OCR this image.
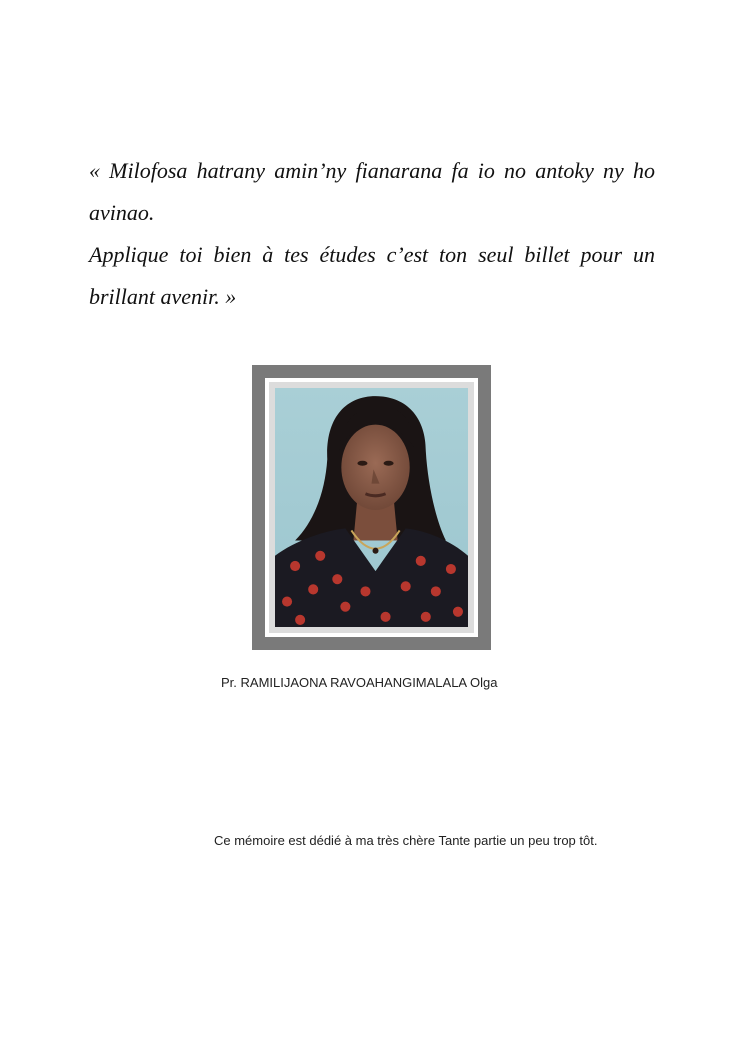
« Milofosa hatrany amin’ny fianarana fa io no antoky ny ho avinao.

Applique toi bien à tes études c’est ton seul billet pour un brillant avenir. »

Pr. RAMILIJAONA RAVOAHANGIMALALA Olga
Ce mémoire est dédié à ma très chère Tante partie un peu trop tôt.
